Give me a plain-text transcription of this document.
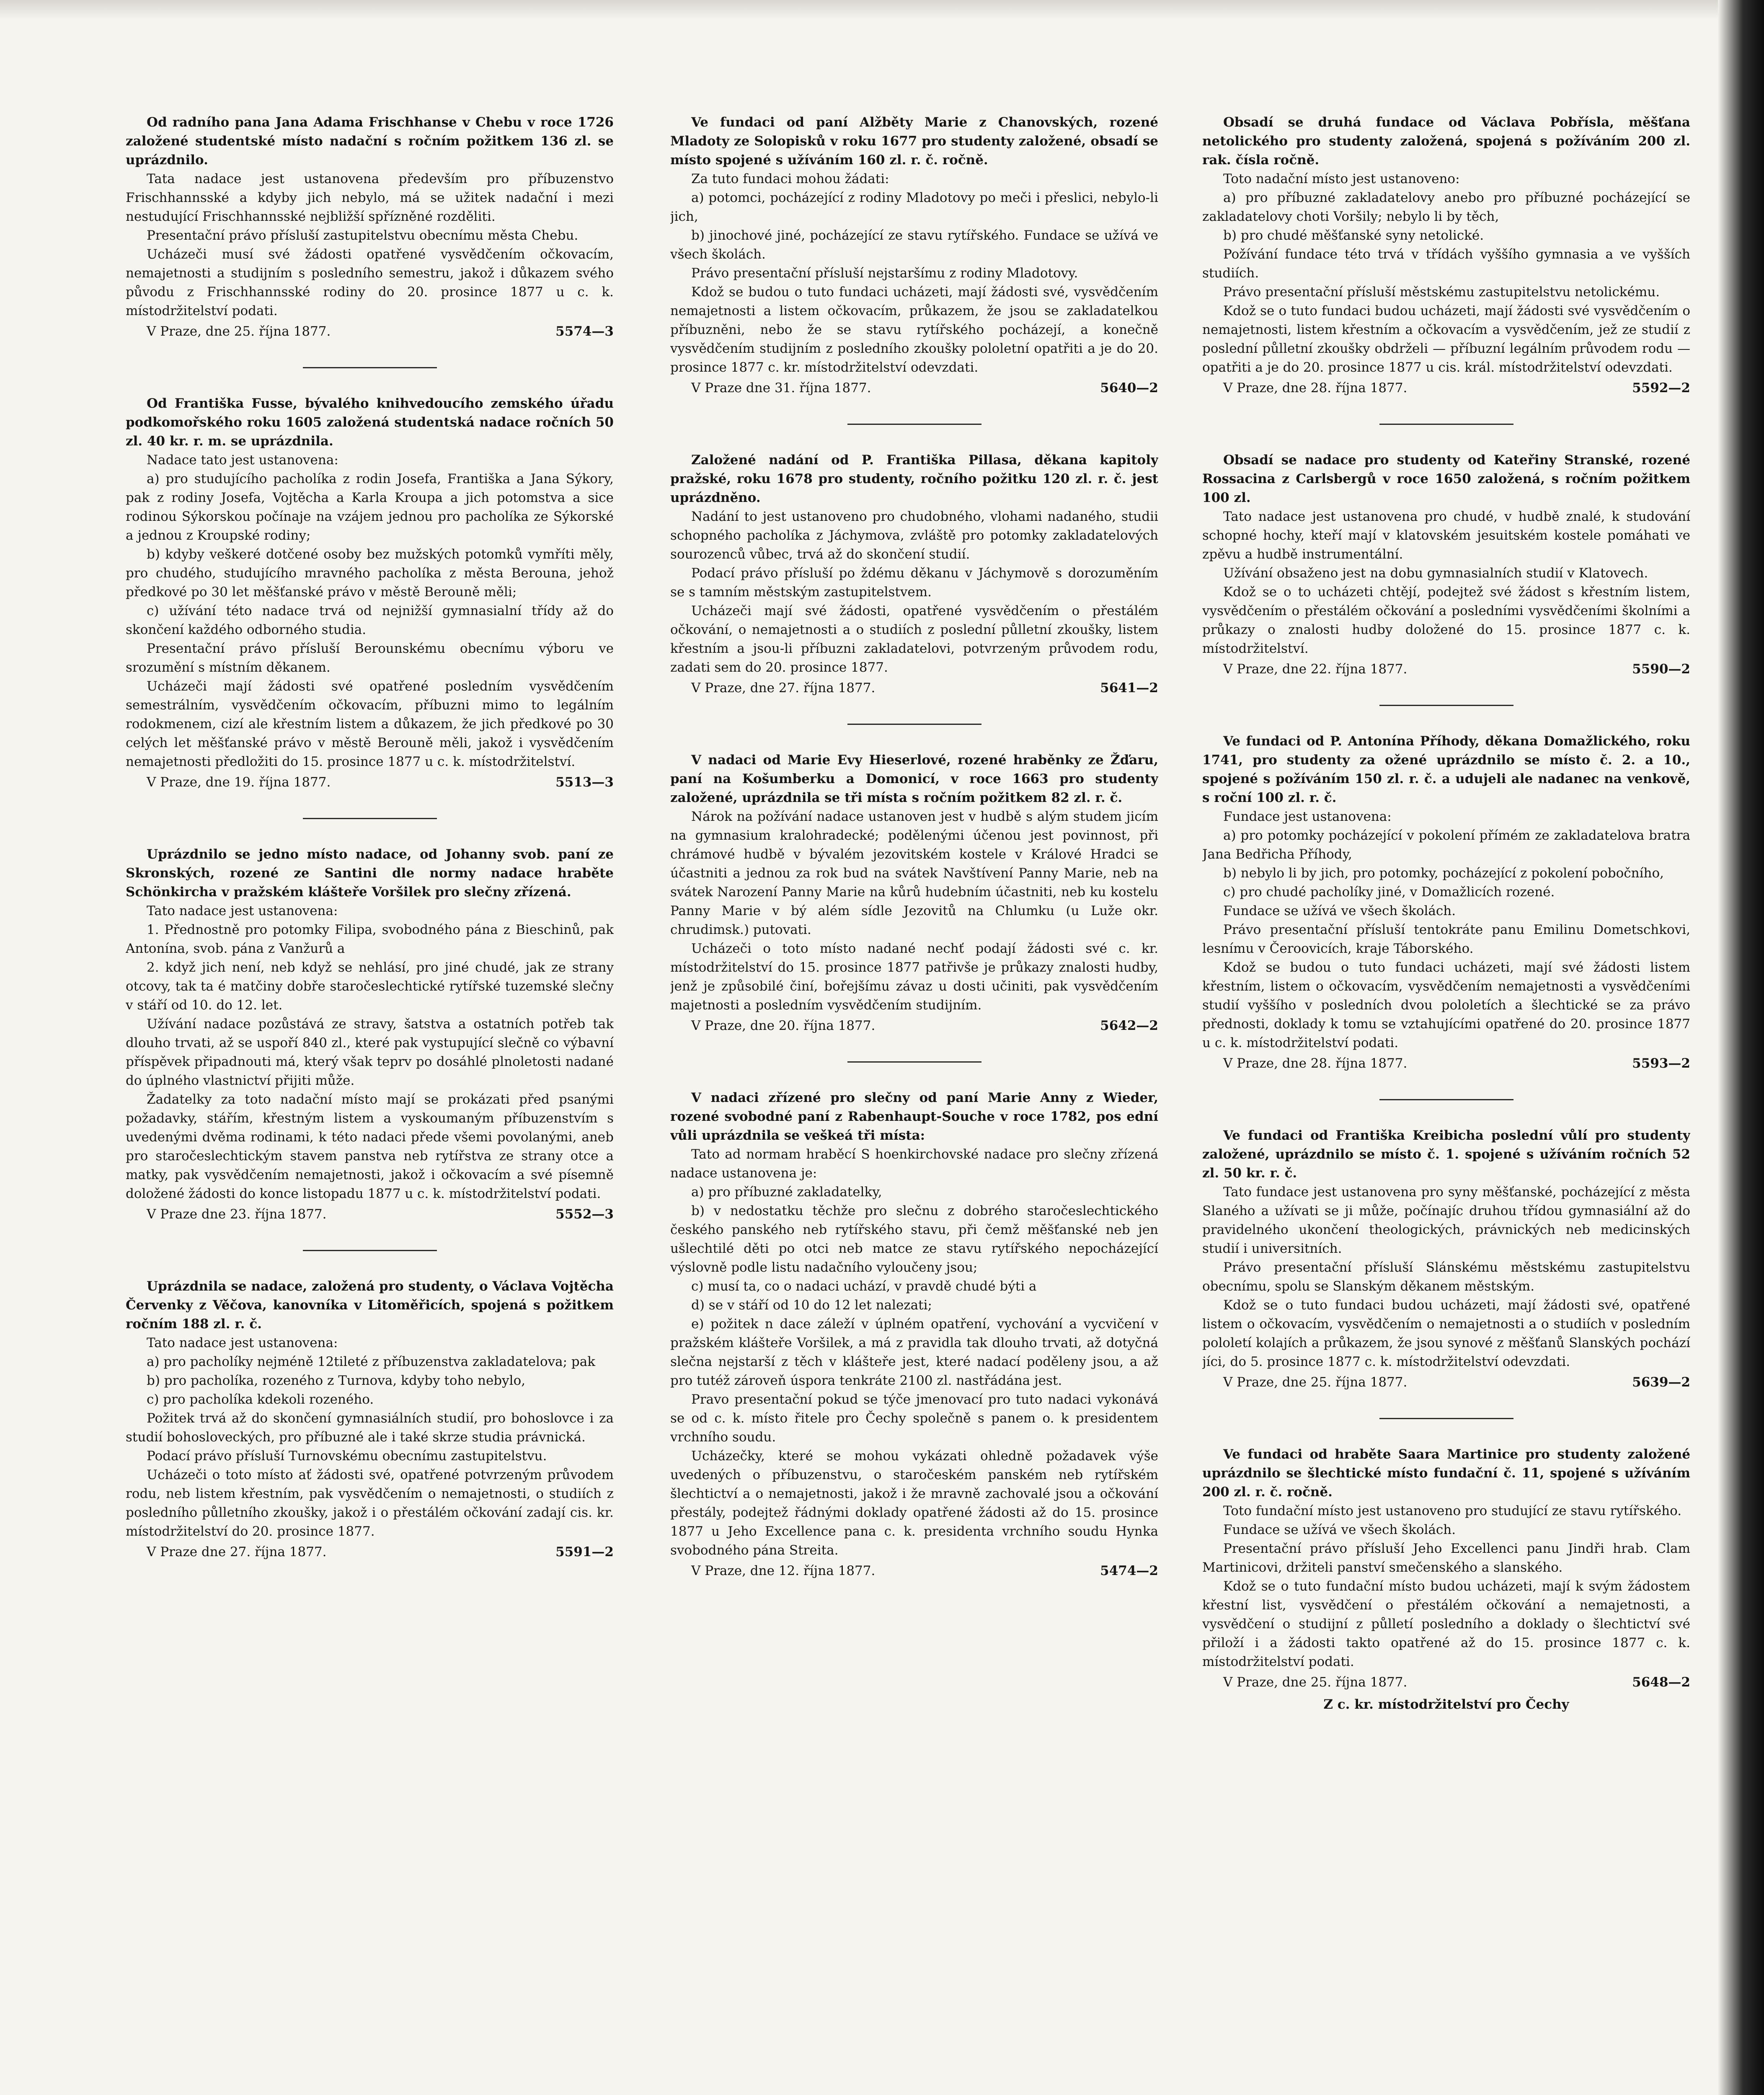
Od radního pana Jana Adama Frischhanse v Chebu v roce 1726 založené studentské místo nadační s ročním požitkem 136 zl. se uprázdnilo.

Tata nadace jest ustanovena především pro příbuzenstvo Frischhannsské a kdyby jich nebylo, má se užitek nadační i mezi nestudující Frischhannsské nejbližší spřízněné rozděliti.

Presentační právo přísluší zastupitelstvu obecnímu města Chebu.

Ucházeči musí své žádosti opatřené vysvědčením očkovacím, nemajetnosti a studijním s posledního semestru, jakož i důkazem svého původu z Frischhannsské rodiny do 20. prosince 1877 u c. k. místodržitelství podati.

V Praze, dne 25. října 1877.	5574—3

Od Františka Fusse, bývalého knihvedoucího zemského úřadu podkomořského roku 1605 založená studentská nadace ročních 50 zl. 40 kr. r. m. se uprázdnila.

Nadace tato jest ustanovena:

a) pro studujícího pacholíka z rodin Josefa, Františka a Jana Sýkory, pak z rodiny Josefa, Vojtěcha a Karla Kroupa a jich potomstva a sice rodinou Sýkorskou počínaje na vzájem jednou pro pacholíka ze Sýkorské a jednou z Kroupské rodiny;

b) kdyby veškeré dotčené osoby bez mužských potomků vymříti měly, pro chudého, studujícího mravného pacholíka z města Berouna, jehož předkové po 30 let měšťanské právo v městě Berouně měli;

c) užívání této nadace trvá od nejnižší gymnasialní třídy až do skončení každého odborného studia.

Presentační právo přísluší Berounskému obecnímu výboru ve srozumění s místním děkanem.

Ucházeči mají žádosti své opatřené posledním vysvědčením semestrálním, vysvědčením očkovacím, příbuzni mimo to legálním rodokmenem, cizí ale křestním listem a důkazem, že jich předkové po 30 celých let měšťanské právo v městě Berouně měli, jakož i vysvědčením nemajetnosti předložiti do 15. prosince 1877 u c. k. místodržitelství.

V Praze, dne 19. října 1877.	5513—3

Uprázdnilo se jedno místo nadace, od Johanny svob. paní ze Skronských, rozené ze Santini dle normy nadace hraběte Schönkircha v pražském klášteře Voršilek pro slečny zřízená.

Tato nadace jest ustanovena:

1. Přednostně pro potomky Filipa, svobodného pána z Bieschinů, pak Antonína, svob. pána z Vanžurů a

2. když jich není, neb když se nehlásí, pro jiné chudé, jak ze strany otcovy, tak ta é matčiny dobře staročeslechtické rytířské tuzemské slečny v stáří od 10. do 12. let.

Užívání nadace pozůstává ze stravy, šatstva a ostatních potřeb tak dlouho trvati, až se uspoří 840 zl., které pak vystupující slečně co výbavní příspěvek připadnouti má, který však teprv po dosáhlé plnoletosti nadané do úplného vlastnictví přijiti může.

Žadatelky za toto nadační místo mají se prokázati před psanými požadavky, stářím, křestným listem a vyskoumaným příbuzenstvím s uvedenými dvěma rodinami, k této nadaci přede všemi povolanými, aneb pro staročeslechtickým stavem panstva neb rytířstva ze strany otce a matky, pak vysvědčením nemajetnosti, jakož i očkovacím a své písemně doložené žádosti do konce listopadu 1877 u c. k. místodržitelství podati.

V Praze dne 23. října 1877.	5552—3

Uprázdnila se nadace, založená pro studenty, o Václava Vojtěcha Červenky z Věčova, kanovníka v Litoměřicích, spojená s požitkem ročním 188 zl. r. č.

Tato nadace jest ustanovena:

a) pro pacholíky nejméně 12tileté z příbuzenstva zakladatelova; pak

b) pro pacholíka, rozeného z Turnova, kdyby toho nebylo,

c) pro pacholíka kdekoli rozeného.

Požitek trvá až do skončení gymnasiálních studií, pro bohoslovce i za studií bohosloveckých, pro příbuzné ale i také skrze studia právnická.

Podací právo přísluší Turnovskému obecnímu zastupitelstvu.

Ucházeči o toto místo ať žádosti své, opatřené potvrzeným průvodem rodu, neb listem křestním, pak vysvědčením o nemajetnosti, o studiích z posledního půlletního zkoušky, jakož i o přestálém očkování zadají cis. kr. místodržitelství do 20. prosince 1877.

V Praze dne 27. října 1877.	5591—2

Ve fundaci od paní Alžběty Marie z Chanovských, rozené Mladoty ze Solopisků v roku 1677 pro studenty založené, obsadí se místo spojené s užíváním 160 zl. r. č. ročně.

Za tuto fundaci mohou žádati:

a) potomci, pocházející z rodiny Mladotovy po meči i přeslici, nebylo-li jich,

b) jinochové jiné, pocházející ze stavu rytířského. Fundace se užívá ve všech školách.

Právo presentační přísluší nejstaršímu z rodiny Mladotovy.

Kdož se budou o tuto fundaci ucházeti, mají žádosti své, vysvědčením nemajetnosti a listem očkovacím, průkazem, že jsou se zakladatelkou příbuzněni, nebo že se stavu rytířského pocházejí, a konečně vysvědčením studijním z posledního zkoušky pololetní opatřiti a je do 20. prosince 1877 c. kr. místodržitelství odevzdati.

V Praze dne 31. října 1877.	5640—2

Založené nadání od P. Františka Pillasa, děkana kapitoly pražské, roku 1678 pro studenty, ročního požitku 120 zl. r. č. jest uprázdněno.

Nadání to jest ustanoveno pro chudobného, vlohami nadaného, studii schopného pacholíka z Jáchymova, zvláště pro potomky zakladatelových sourozenců vůbec, trvá až do skončení studií.

Podací právo přísluší po ždému děkanu v Jáchymově s dorozuměním se s tamním městským zastupitelstvem.

Ucházeči mají své žádosti, opatřené vysvědčením o přestálém očkování, o nemajetnosti a o studiích z poslední půlletní zkoušky, listem křestním a jsou-li příbuzni zakladatelovi, potvrzeným průvodem rodu, zadati sem do 20. prosince 1877.

V Praze, dne 27. října 1877.	5641—2

V nadaci od Marie Evy Hieserlové, rozené hraběnky ze Žďaru, paní na Košumberku a Domonicí, v roce 1663 pro studenty založené, uprázdnila se tři místa s ročním požitkem 82 zl. r. č.

Nárok na požívání nadace ustanoven jest v hudbě s alým studem jicím na gymnasium kralohradecké; podělenými účenou jest povinnost, při chrámové hudbě v bývalém jezovitském kostele v Králové Hradci se účastniti a jednou za rok bud na svátek Navštívení Panny Marie, neb na svátek Narození Panny Marie na kůrů hudebním účastniti, neb ku kostelu Panny Marie v bý além sídle Jezovitů na Chlumku (u Luže okr. chrudimsk.) putovati.

Ucházeči o toto místo nadané nechť podají žádosti své c. kr. místodržitelství do 15. prosince 1877 patřivše je průkazy znalosti hudby, jenž je způsobilé činí, bořejšímu závaz u dosti učiniti, pak vysvědčením majetnosti a posledním vysvědčením studijním.

V Praze, dne 20. října 1877.	5642—2

V nadaci zřízené pro slečny od paní Marie Anny z Wieder, rozené svobodné paní z Rabenhaupt-Souche v roce 1782, pos ední vůli uprázdnila se veškeá tři místa:

Tato ad normam hraběcí S hoenkirchovské nadace pro slečny zřízená nadace ustanovena je:

a) pro příbuzné zakladatelky,

b) v nedostatku těchže pro slečnu z dobrého staročeslechtického českého panského neb rytířského stavu, při čemž měšťanské neb jen ušlechtilé děti po otci neb matce ze stavu rytířského nepocházející výslovně podle listu nadačního vyloučeny jsou;

c) musí ta, co o nadaci uchází, v pravdě chudé býti a

d) se v stáří od 10 do 12 let nalezati;

e) požitek n dace záleží v úplném opatření, vychování a vycvičení v pražském klášteře Voršilek, a má z pravidla tak dlouho trvati, až dotyčná slečna nejstarší z těch v klášteře jest, které nadací poděleny jsou, a až pro tutéž zároveň úspora tenkráte 2100 zl. nastřádána jest.

Pravo presentační pokud se týče jmenovací pro tuto nadaci vykonává se od c. k. místo řitele pro Čechy společně s panem o. k presidentem vrchního soudu.

Ucházečky, které se mohou vykázati ohledně požadavek výše uvedených o příbuzenstvu, o staročeském panském neb rytířském šlechtictví a o nemajetnosti, jakož i že mravně zachovalé jsou a očkování přestály, podejtež řádnými doklady opatřené žádosti až do 15. prosince 1877 u Jeho Excellence pana c. k. presidenta vrchního soudu Hynka svobodného pána Streita.

V Praze, dne 12. října 1877.	5474—2

Obsadí se druhá fundace od Václava Pobřísla, měšťana netolického pro studenty založená, spojená s požíváním 200 zl. rak. čísla ročně.

Toto nadační místo jest ustanoveno:

a) pro příbuzné zakladatelovy anebo pro příbuzné pocházející se zakladatelovy choti Voršily; nebylo li by těch,

b) pro chudé měšťanské syny netolické.

Požívání fundace této trvá v třídách vyššího gymnasia a ve vyšších studiích.

Právo presentační přísluší městskému zastupitelstvu netolickému.

Kdož se o tuto fundaci budou ucházeti, mají žádosti své vysvědčením o nemajetnosti, listem křestním a očkovacím a vysvědčením, jež ze studií z poslední půlletní zkoušky obdrželi — příbuzní legálním průvodem rodu — opatřiti a je do 20. prosince 1877 u cis. král. místodržitelství odevzdati.

V Praze, dne 28. října 1877.	5592—2

Obsadí se nadace pro studenty od Kateřiny Stranské, rozené Rossacina z Carlsbergů v roce 1650 založená, s ročním požitkem 100 zl.

Tato nadace jest ustanovena pro chudé, v hudbě znalé, k studování schopné hochy, kteří mají v klatovském jesuitském kostele pomáhati ve zpěvu a hudbě instrumentální.

Užívání obsaženo jest na dobu gymnasialních studií v Klatovech.

Kdož se o to ucházeti chtějí, podejtež své žádost s křestním listem, vysvědčením o přestálém očkování a posledními vysvědčeními školními a průkazy o znalosti hudby doložené do 15. prosince 1877 c. k. místodržitelství.

V Praze, dne 22. října 1877.	5590—2

Ve fundaci od P. Antonína Příhody, děkana Domažlického, roku 1741, pro studenty za ožené uprázdnilo se místo č. 2. a 10., spojené s požíváním 150 zl. r. č. a udujeli ale nadanec na venkově, s roční 100 zl. r. č.

Fundace jest ustanovena:

a) pro potomky pocházející v pokolení přímém ze zakladatelova bratra Jana Bedřicha Příhody,

b) nebylo li by jich, pro potomky, pocházející z pokolení pobočního,

c) pro chudé pacholíky jiné, v Domažlicích rozené.

Fundace se užívá ve všech školách.

Právo presentační přísluší tentokráte panu Emilinu Dometschkovi, lesnímu v Čeroovicích, kraje Táborského.

Kdož se budou o tuto fundaci ucházeti, mají své žádosti listem křestním, listem o očkovacím, vysvědčením nemajetnosti a vysvědčeními studií vyššího v posledních dvou pololetích a šlechtické se za právo přednosti, doklady k tomu se vztahujícími opatřené do 20. prosince 1877 u c. k. místodržitelství podati.

V Praze, dne 28. října 1877.	5593—2

Ve fundaci od Františka Kreibicha poslední vůlí pro studenty založené, uprázdnilo se místo č. 1. spojené s užíváním ročních 52 zl. 50 kr. r. č.

Tato fundace jest ustanovena pro syny měšťanské, pocházející z města Slaného a užívati se ji může, počínajíc druhou třídou gymnasiální až do pravidelného ukončení theologických, právnických neb medicinských studií i universitních.

Právo presentační přísluší Slánskému městskému zastupitelstvu obecnímu, spolu se Slanským děkanem městským.

Kdož se o tuto fundaci budou ucházeti, mají žádosti své, opatřené listem o očkovacím, vysvědčením o nemajetnosti a o studiích v posledním pololetí kolajích a průkazem, že jsou synové z měšťanů Slanských pochází jíci, do 5. prosince 1877 c. k. místodržitelství odevzdati.

V Praze, dne 25. října 1877.	5639—2

Ve fundaci od hraběte Saara Martinice pro studenty založené uprázdnilo se šlechtické místo fundační č. 11, spojené s užíváním 200 zl. r. č. ročně.

Toto fundační místo jest ustanoveno pro studující ze stavu rytířského.

Fundace se užívá ve všech školách.

Presentační právo přísluší Jeho Excellenci panu Jindři hrab. Clam Martinicovi, držiteli panství smečenského a slanského.

Kdož se o tuto fundační místo budou ucházeti, mají k svým žádostem křestní list, vysvědčení o přestálém očkování a nemajetnosti, a vysvědčení o studijní z půlletí posledního a doklady o šlechtictví své přiloží i a žádosti takto opatřené až do 15. prosince 1877 c. k. místodržitelství podati.

V Praze, dne 25. října 1877.	5648—2
Z c. kr. místodržitelství pro Čechy
